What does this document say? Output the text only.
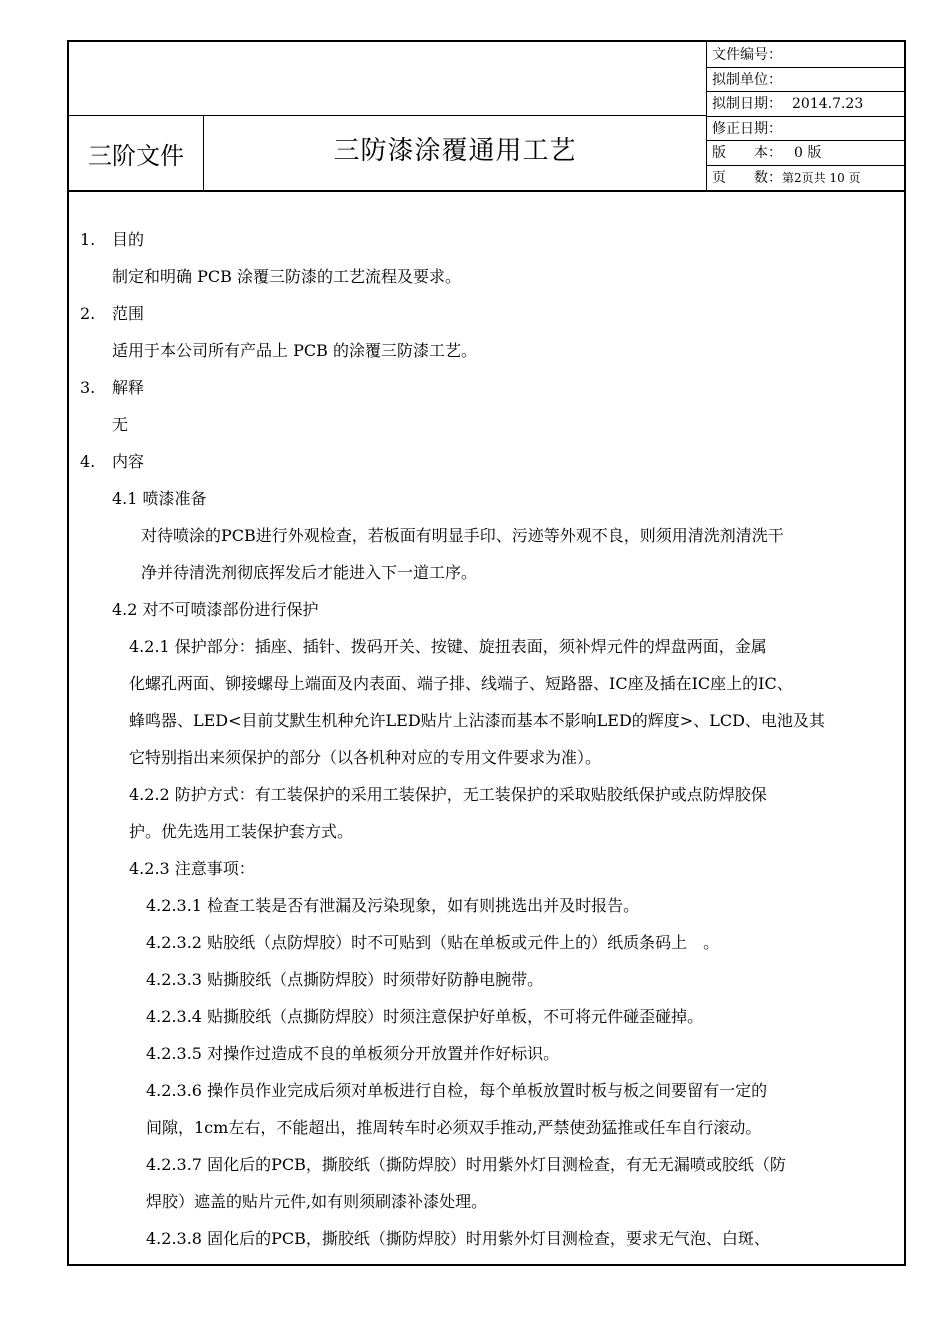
三阶文件	三防漆涂覆通用工艺
文件编号：
拟制单位：
拟制日期： 2014.7.23
修正日期：
版　　本： 0 版
页　　数：第2页共 10 页
1. 目的
制定和明确 PCB 涂覆三防漆的工艺流程及要求。
2. 范围
适用于本公司所有产品上 PCB 的涂覆三防漆工艺。
3. 解释
无
4. 内容
4.1 喷漆准备
对待喷涂的PCB进行外观检查，若板面有明显手印、污迹等外观不良，则须用清洗剂清洗干
净并待清洗剂彻底挥发后才能进入下一道工序。
4.2 对不可喷漆部份进行保护
4.2.1 保护部分：插座、插针、拨码开关、按键、旋扭表面，须补焊元件的焊盘两面，金属
化螺孔两面、铆接螺母上端面及内表面、端子排、线端子、短路器、IC座及插在IC座上的IC、
蜂鸣器、LED<目前艾默生机种允许LED贴片上沾漆而基本不影响LED的辉度>、LCD、电池及其
它特别指出来须保护的部分（以各机种对应的专用文件要求为准）。
4.2.2 防护方式：有工装保护的采用工装保护，无工装保护的采取贴胶纸保护或点防焊胶保
护。优先选用工装保护套方式。
4.2.3 注意事项：
4.2.3.1 检查工装是否有泄漏及污染现象，如有则挑选出并及时报告。
4.2.3.2 贴胶纸（点防焊胶）时不可贴到（贴在单板或元件上的）纸质条码上　。
4.2.3.3 贴撕胶纸（点撕防焊胶）时须带好防静电腕带。
4.2.3.4 贴撕胶纸（点撕防焊胶）时须注意保护好单板，不可将元件碰歪碰掉。
4.2.3.5 对操作过造成不良的单板须分开放置并作好标识。
4.2.3.6 操作员作业完成后须对单板进行自检，每个单板放置时板与板之间要留有一定的
间隙，1cm左右，不能超出，推周转车时必须双手推动,严禁使劲猛推或任车自行滚动。
4.2.3.7 固化后的PCB，撕胶纸（撕防焊胶）时用紫外灯目测检查，有无无漏喷或胶纸（防
焊胶）遮盖的贴片元件,如有则须刷漆补漆处理。
4.2.3.8 固化后的PCB，撕胶纸（撕防焊胶）时用紫外灯目测检查，要求无气泡、白斑、
